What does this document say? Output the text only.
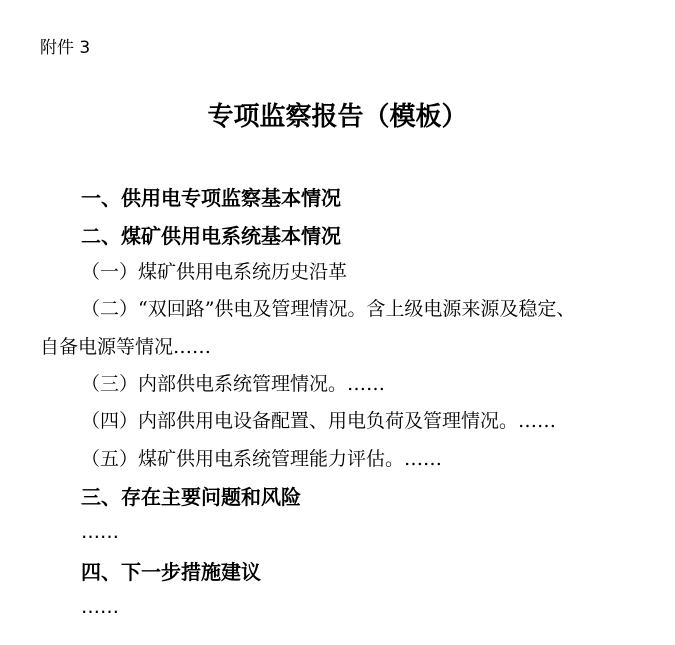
附件 3
专项监察报告（模板）
一、供用电专项监察基本情况
二、煤矿供用电系统基本情况
（一）煤矿供用电系统历史沿革
（二）“双回路”供电及管理情况。含上级电源来源及稳定、
自备电源等情况……
（三）内部供电系统管理情况。……
（四）内部供用电设备配置、用电负荷及管理情况。……
（五）煤矿供用电系统管理能力评估。……
三、存在主要问题和风险
……
四、下一步措施建议
……
